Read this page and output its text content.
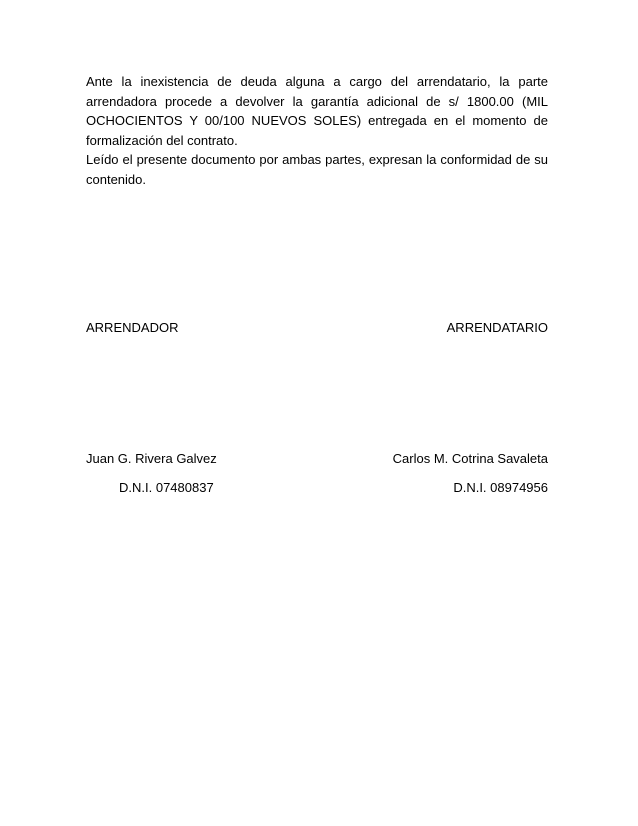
Ante la inexistencia de deuda alguna a cargo del arrendatario, la parte arrendadora procede a devolver la garantía adicional de s/ 1800.00 (MIL OCHOCIENTOS Y 00/100 NUEVOS SOLES) entregada en el momento de formalización del contrato.

Leído el presente documento por ambas partes, expresan la conformidad de su contenido.

ARRENDADOR	ARRENDATARIO
Juan G. Rivera Galvez	Carlos M. Cotrina Savaleta
D.N.I. 07480837	D.N.I. 08974956
